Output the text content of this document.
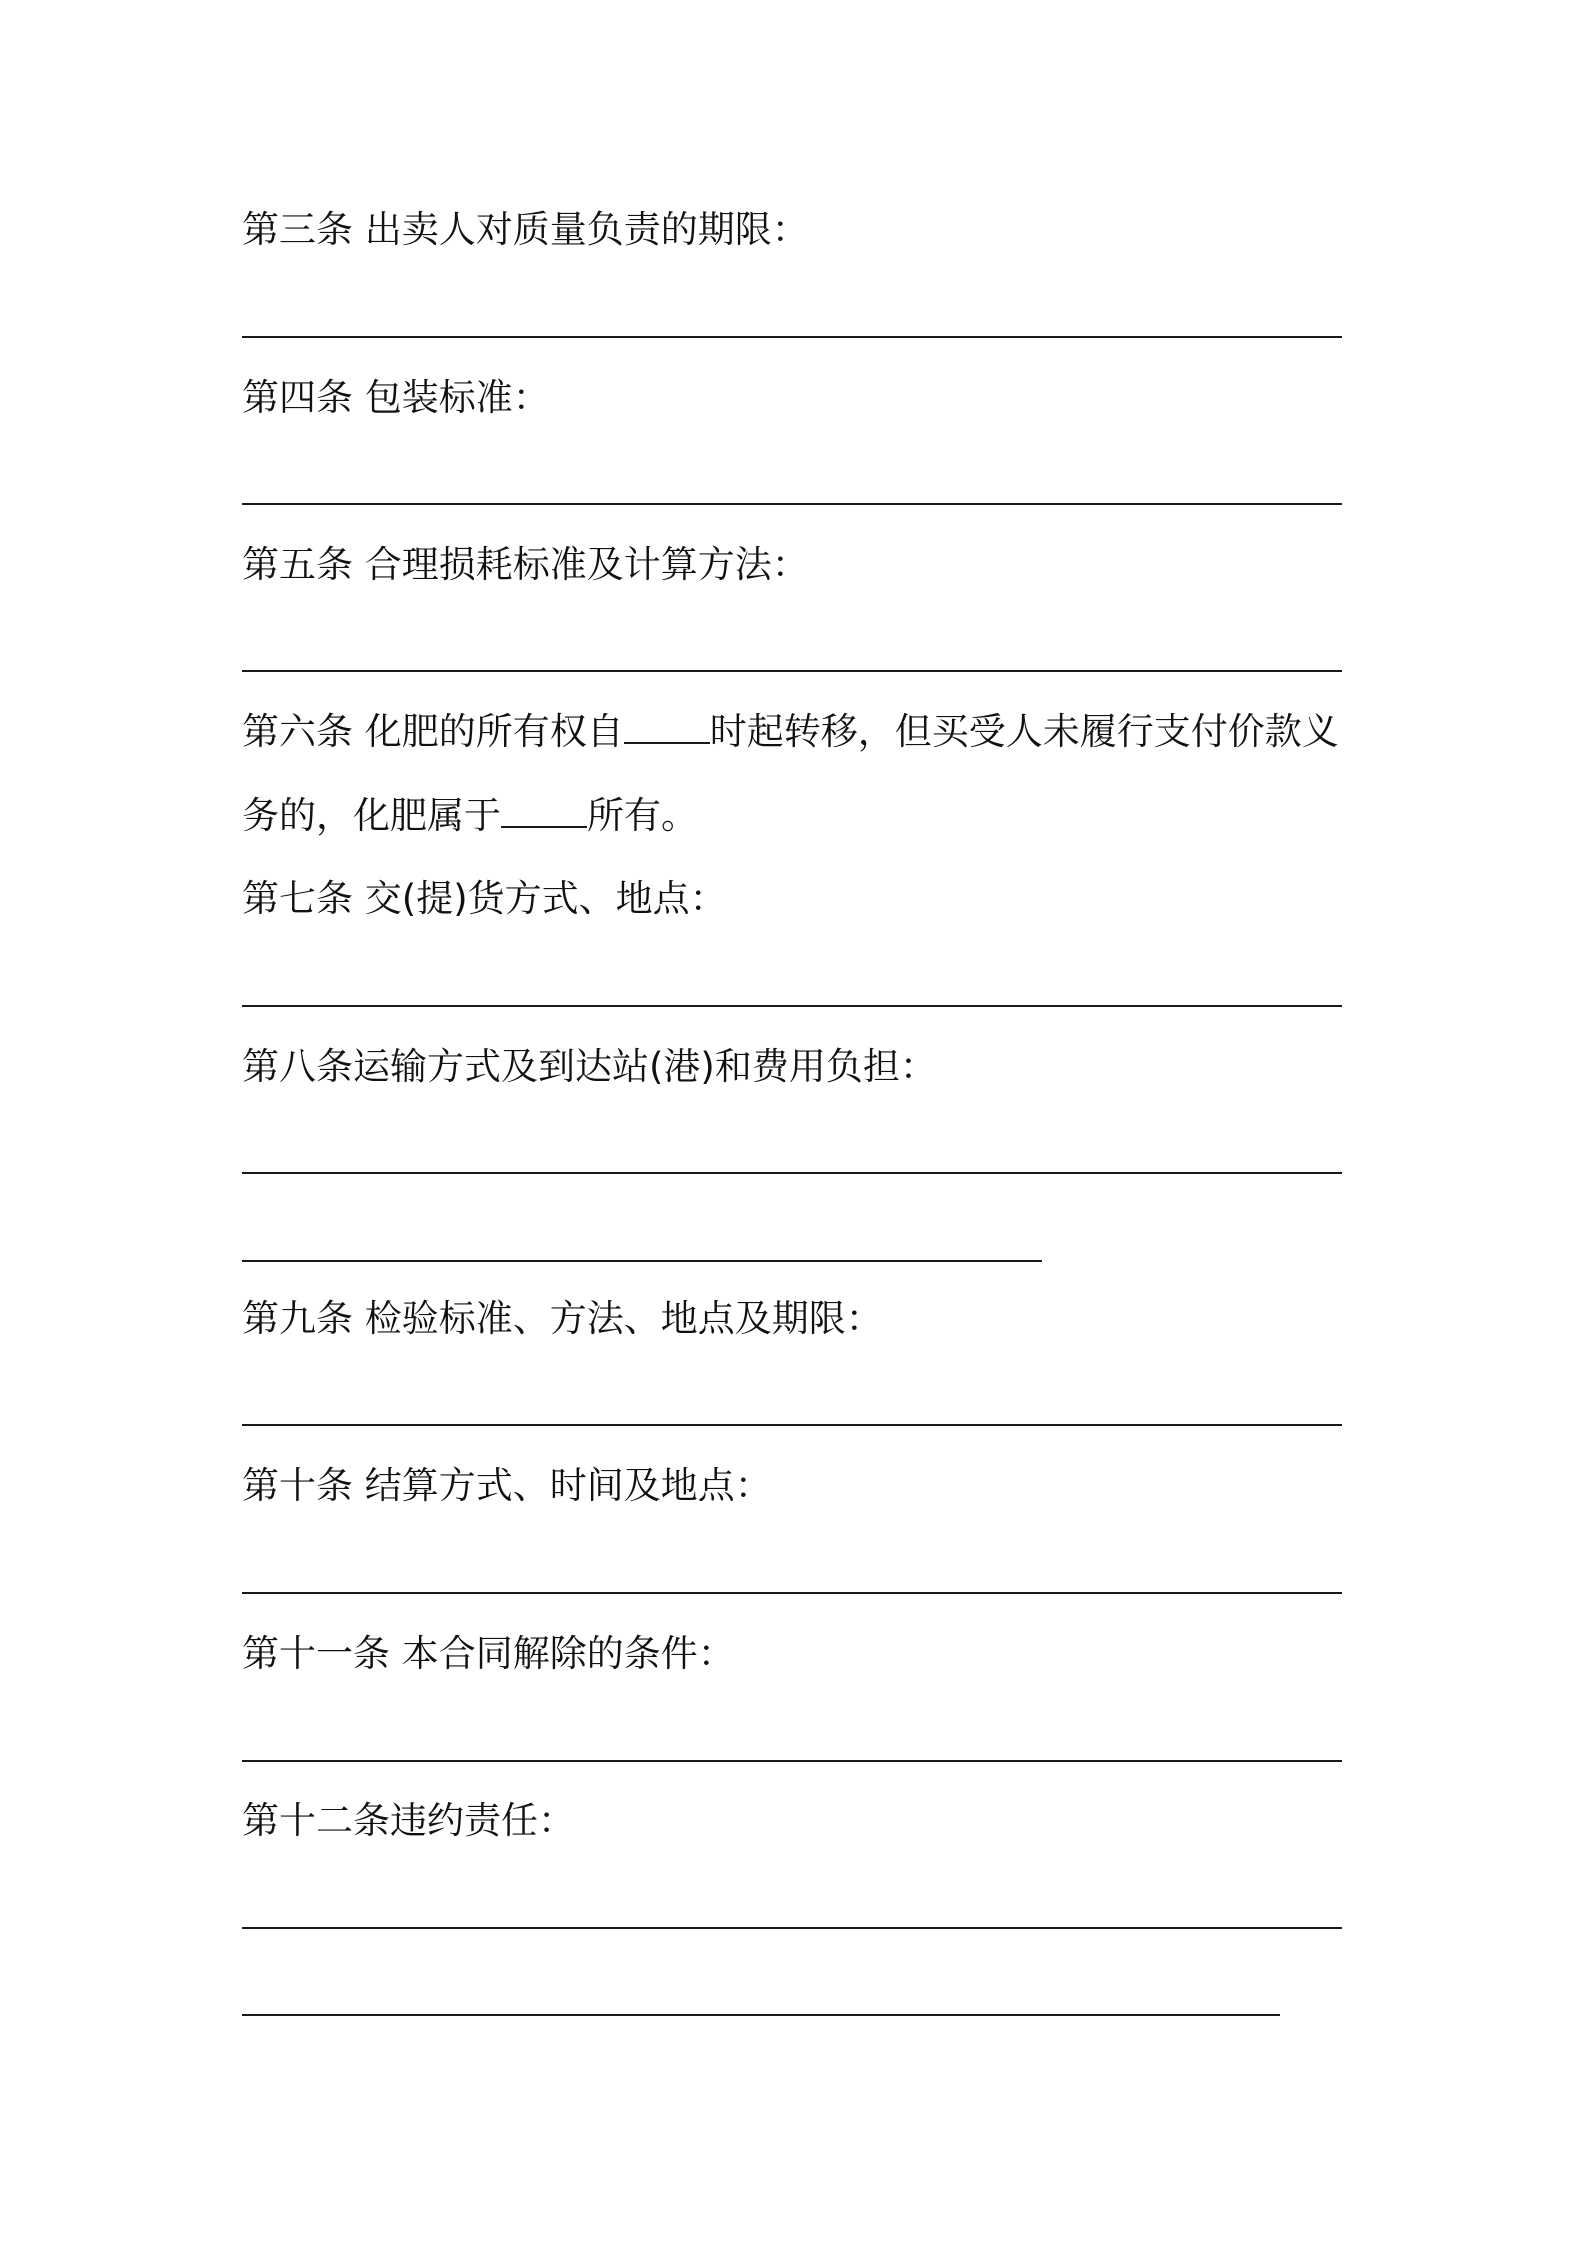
第三条 出卖人对质量负责的期限：
第四条 包装标准：
第五条 合理损耗标准及计算方法：
第六条 化肥的所有权自 时起转移，但买受人未履行支付价款义
务的，化肥属于 所有。
第七条 交(提)货方式、地点：
第八条运输方式及到达站(港)和费用负担：
第九条 检验标准、方法、地点及期限：
第十条 结算方式、时间及地点：
第十一条 本合同解除的条件：
第十二条违约责任：
